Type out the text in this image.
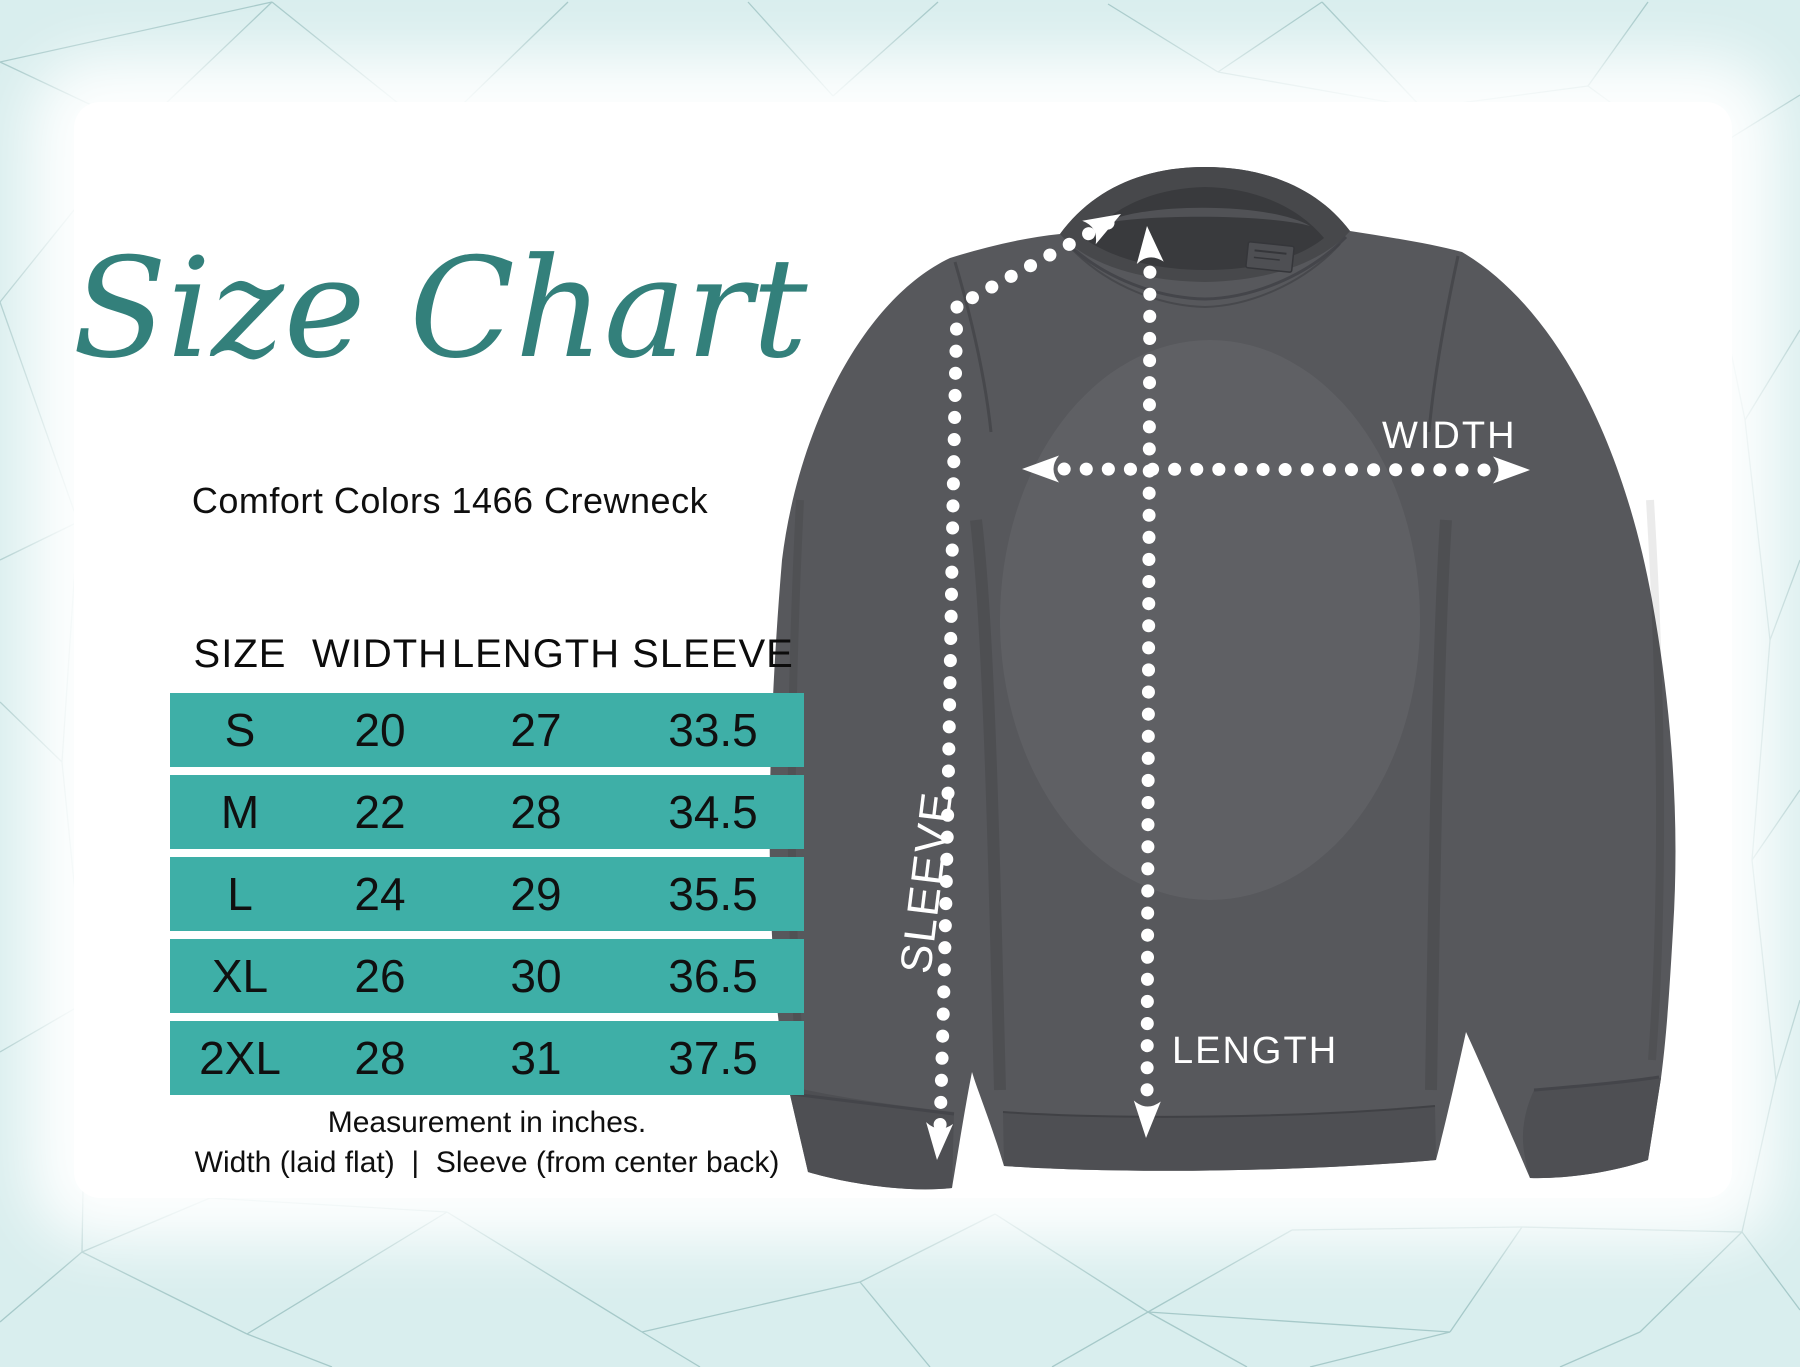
WIDTH
LENGTH
SLEEVE
Size Chart
Comfort Colors 1466 Crewneck
SIZE WIDTH LENGTH SLEEVE
S	20	27	33.5
M	22	28	34.5
L	24	29	35.5
XL	26	30	36.5
2XL	28	31	37.5
Measurement in inches.
Width (laid flat)  |  Sleeve (from center back)
